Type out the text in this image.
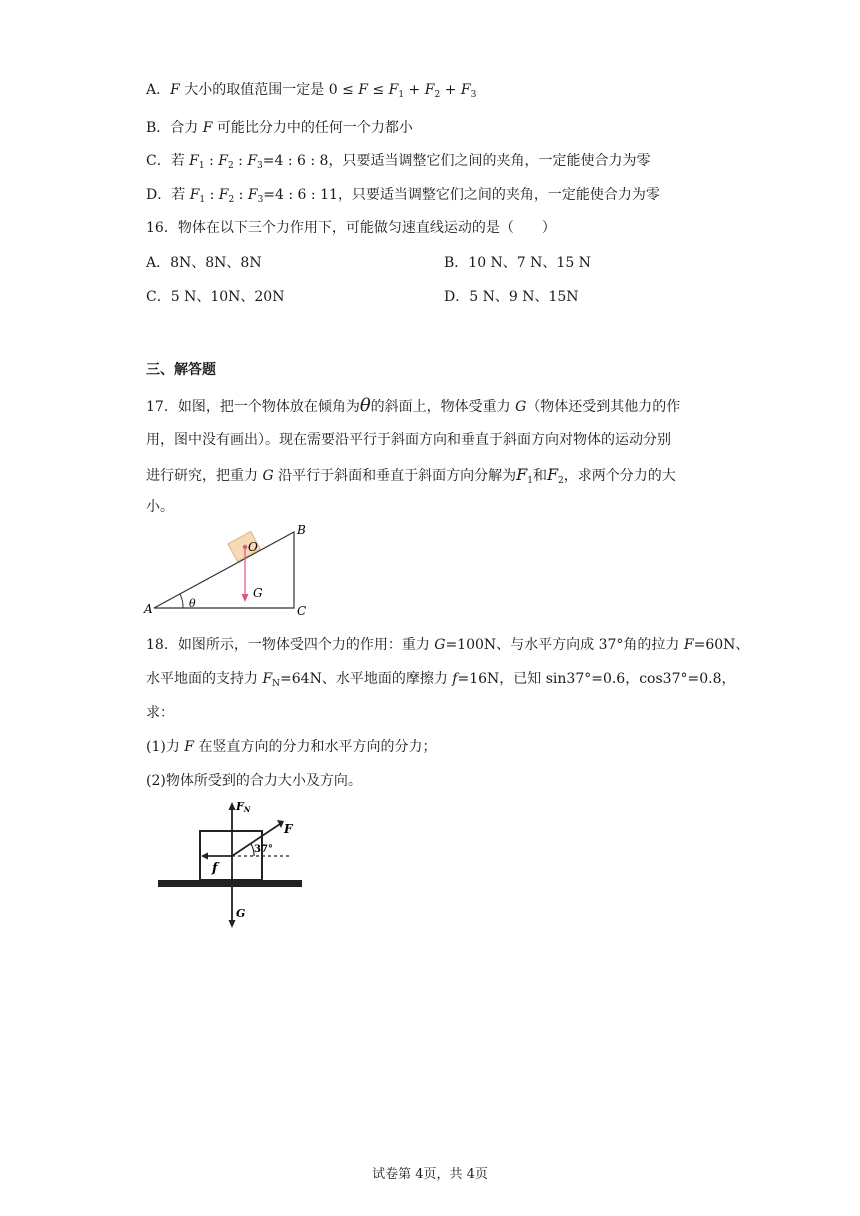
A．F 大小的取值范围一定是 $0 \le F \le F_1 + F_2 + F_3$
B．合力 F 可能比分力中的任何一个力都小
C．若 $F_1$ : $F_2$ : $F_3=4$ : 6 : 8，只要适当调整它们之间的夹角，一定能使合力为零
D．若 $F_1$ : $F_2$ : $F_3=4$ : 6 : 11，只要适当调整它们之间的夹角，一定能使合力为零
16．物体在以下三个力作用下，可能做匀速直线运动的是（　　）
A．8N、8N、8N	B．10 N、7 N、15 N
C．5 N、10N、20N	D．5 N、9 N、15N
三、解答题
17．如图，把一个物体放在倾角为θ的斜面上，物体受重力 G（物体还受到其他力的作
用，图中没有画出）。现在需要沿平行于斜面方向和垂直于斜面方向对物体的运动分别
进行研究，把重力 G 沿平行于斜面和垂直于斜面方向分解为$F_1$和$F_2$，求两个分力的大
小。
A
B
C
O
G
θ
18．如图所示，一物体受四个力的作用：重力 G=100N、与水平方向成 37°角的拉力 F=60N、
水平地面的支持力 $F_N=64N$、水平地面的摩擦力 f=16N，已知 sin37°=0.6，cos37°=0.8，
求：
(1)力 F 在竖直方向的分力和水平方向的分力；
(2)物体所受到的合力大小及方向。
FN
F
37°
f
G
试卷第 4页，共 4页
